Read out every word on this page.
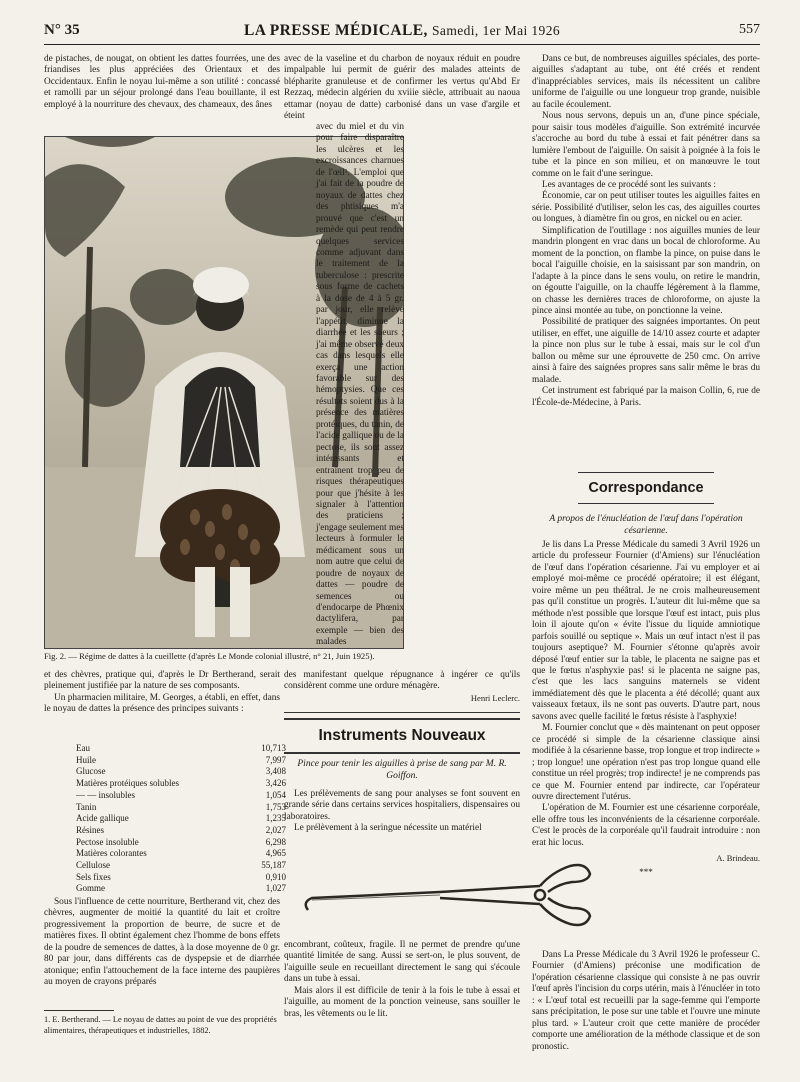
N° 35	LA PRESSE MÉDICALE, Samedi, 1er Mai 1926	557

de pistaches, de nougat, on obtient les dattes fourrées, une des friandises les plus appréciées des Orientaux et des Occidentaux. Enfin le noyau lui-même a son utilité : concassé et ramolli par un séjour prolongé dans l'eau bouillante, il est employé à la nourriture des chevaux, des chameaux, des ânes

avec de la vaseline et du charbon de noyaux réduit en poudre impalpable lui permit de guérir des malades atteints de blépharite granuleuse et de confirmer les vertus qu'Abd Er Rezzaq, médecin algérien du xviiie siècle, attribuait au naoua ettamar (noyau de datte) carbonisé dans un vase d'argile et éteint

avec du miel et du vin pour faire disparaître les ulcères et les excroissances charnues de l'œil¹. L'emploi que j'ai fait de la poudre de noyaux de dattes chez des phtisiques m'a prouvé que c'est un remède qui peut rendre quelques services comme adjuvant dans le traitement de la tuberculose : prescrite sous forme de cachets à la dose de 4 à 5 gr. par jour, elle relève l'appétit, diminue la diarrhée et les sueurs ; j'ai même observé deux cas dans lesquels elle exerça une action favorable sur des hémoptysies. Que ces résultats soient dus à la présence des matières protéiques, du tanin, de l'acide gallique ou de la pectose, ils sont assez intéressants et entraînent trop peu de risques thérapeutiques pour que j'hésite à les signaler à l'attention des praticiens ; j'engage seulement mes lecteurs à formuler le médicament sous un nom autre que celui de poudre de noyaux de dattes — poudre de semences ou d'endocarpe de Phœnix dactylifera, par exemple — bien des malades

Fig. 2. — Régime de dattes à la cueillette (d'après Le Monde colonial illustré, n° 21, Juin 1925).

et des chèvres, pratique qui, d'après le Dr Bertherand, serait pleinement justifiée par la nature de ses composants.

Un pharmacien militaire, M. Georges, a établi, en effet, dans le noyau de dattes la présence des principes suivants :

Eau	10,713
Huile	7,997
Glucose	3,408
Matières protéiques solubles	3,426
— — insolubles	1,054
Tanin	1,753
Acide gallique	1,235
Résines	2,027
Pectose insoluble	6,298
Matières colorantes	4,965
Cellulose	55,187
Sels fixes	0,910
Gomme	1,027

Sous l'influence de cette nourriture, Bertherand vit, chez des chèvres, augmenter de moitié la quantité du lait et croître progressivement la proportion de beurre, de sucre et de matières fixes. Il obtint également chez l'homme de bons effets de la poudre de semences de dattes, à la dose moyenne de 0 gr. 80 par jour, dans différents cas de dyspepsie et de diarrhée atonique; enfin l'attouchement de la face interne des paupières au moyen de crayons préparés

1. E. Bertherand. — Le noyau de dattes au point de vue des propriétés alimentaires, thérapeutiques et industrielles, 1882.

des manifestant quelque répugnance à ingérer ce qu'ils considèrent comme une ordure ménagère.

Henri Leclerc.
Instruments Nouveaux
Pince pour tenir les aiguilles à prise de sang par M. R. Goiffon.

Les prélèvements de sang pour analyses se font souvent en grande série dans certains services hospitaliers, dispensaires ou laboratoires.

Le prélèvement à la seringue nécessite un matériel

encombrant, coûteux, fragile. Il ne permet de prendre qu'une quantité limitée de sang. Aussi se sert-on, le plus souvent, de l'aiguille seule en recueillant directement le sang qui s'écoule dans un tube à essai.

Mais alors il est difficile de tenir à la fois le tube à essai et l'aiguille, au moment de la ponction veineuse, sans souiller le bras, les vêtements ou le lit.

Dans ce but, de nombreuses aiguilles spéciales, des porte-aiguilles s'adaptant au tube, ont été créés et rendent d'inappréciables services, mais ils nécessitent un calibre uniforme de l'aiguille ou une longueur trop grande, nuisible au facile écoulement.

Nous nous servons, depuis un an, d'une pince spéciale, pour saisir tous modèles d'aiguille. Son extrémité incurvée s'accroche au bord du tube à essai et fait pénétrer dans sa lumière l'embout de l'aiguille. On saisit à poignée à la fois le tube et la pince en son milieu, et on manœuvre le tout comme on le fait d'une seringue.

Les avantages de ce procédé sont les suivants :

Économie, car on peut utiliser toutes les aiguilles faites en série. Possibilité d'utiliser, selon les cas, des aiguilles courtes ou longues, à diamètre fin ou gros, en nickel ou en acier.

Simplification de l'outillage : nos aiguilles munies de leur mandrin plongent en vrac dans un bocal de chloroforme. Au moment de la ponction, on flambe la pince, on puise dans le bocal l'aiguille choisie, en la saisissant par son mandrin, on l'adapte à la pince dans le sens voulu, on retire le mandrin, on égoutte l'aiguille, on la chauffe légèrement à la flamme, on chasse les dernières traces de chloroforme, on ajuste la pince ainsi montée au tube, on ponctionne la veine.

Possibilité de pratiquer des saignées importantes. On peut utiliser, en effet, une aiguille de 14/10 assez courte et adapter la pince non plus sur le tube à essai, mais sur le col d'un ballon ou même sur une éprouvette de 250 cmc. On arrive ainsi à faire des saignées propres sans salir même le bras du malade.

Cet instrument est fabriqué par la maison Collin, 6, rue de l'École-de-Médecine, à Paris.

Correspondance
A propos de l'énucléation de l'œuf dans l'opération césarienne.

Je lis dans La Presse Médicale du samedi 3 Avril 1926 un article du professeur Fournier (d'Amiens) sur l'énucléation de l'œuf dans l'opération césarienne. J'ai vu employer et ai employé moi-même ce procédé opératoire; il est élégant, voire même un peu théâtral. Je ne crois malheureusement pas qu'il constitue un progrès. L'auteur dit lui-même que sa méthode n'est possible que lorsque l'œuf est intact, puis plus loin il ajoute qu'on « évite l'issue du liquide amniotique parfois souillé ou septique ». Mais un œuf intact n'est il pas toujours aseptique? M. Fournier s'étonne qu'après avoir déposé l'œuf entier sur la table, le placenta ne saigne pas et que le fœtus n'asphyxie pas! si le placenta ne saigne pas, c'est que les lacs sanguins maternels se vident immédiatement dès que le placenta a été décollé; quant aux vaisseaux fœtaux, ils ne sont pas ouverts. D'autre part, nous savons avec quelle facilité le fœtus résiste à l'asphyxie!

M. Fournier conclut que « dès maintenant on peut opposer ce procédé si simple de la césarienne classique ainsi modifiée à la césarienne basse, trop longue et trop indirecte » ; trop longue! une opération n'est pas trop longue quand elle constitue un réel progrès; trop indirecte! je ne comprends pas ce que M. Fournier entend par indirecte, car l'opérateur ouvre directement l'utérus.

L'opération de M. Fournier est une césarienne corporéale, elle offre tous les inconvénients de la césarienne corporéale. C'est le procès de la corporéale qu'il faudrait introduire : non erat hic locus.

A. Brindeau.
***

Dans La Presse Médicale du 3 Avril 1926 le professeur C. Fournier (d'Amiens) préconise une modification de l'opération césarienne classique qui consiste à ne pas ouvrir l'œuf après l'incision du corps utérin, mais à l'énucléer in toto : « L'œuf total est recueilli par la sage-femme qui l'emporte sans précipitation, le pose sur une table et l'ouvre une minute plus tard. » L'auteur croit que cette manière de procéder comporte une amélioration de la méthode classique et de son pronostic.
